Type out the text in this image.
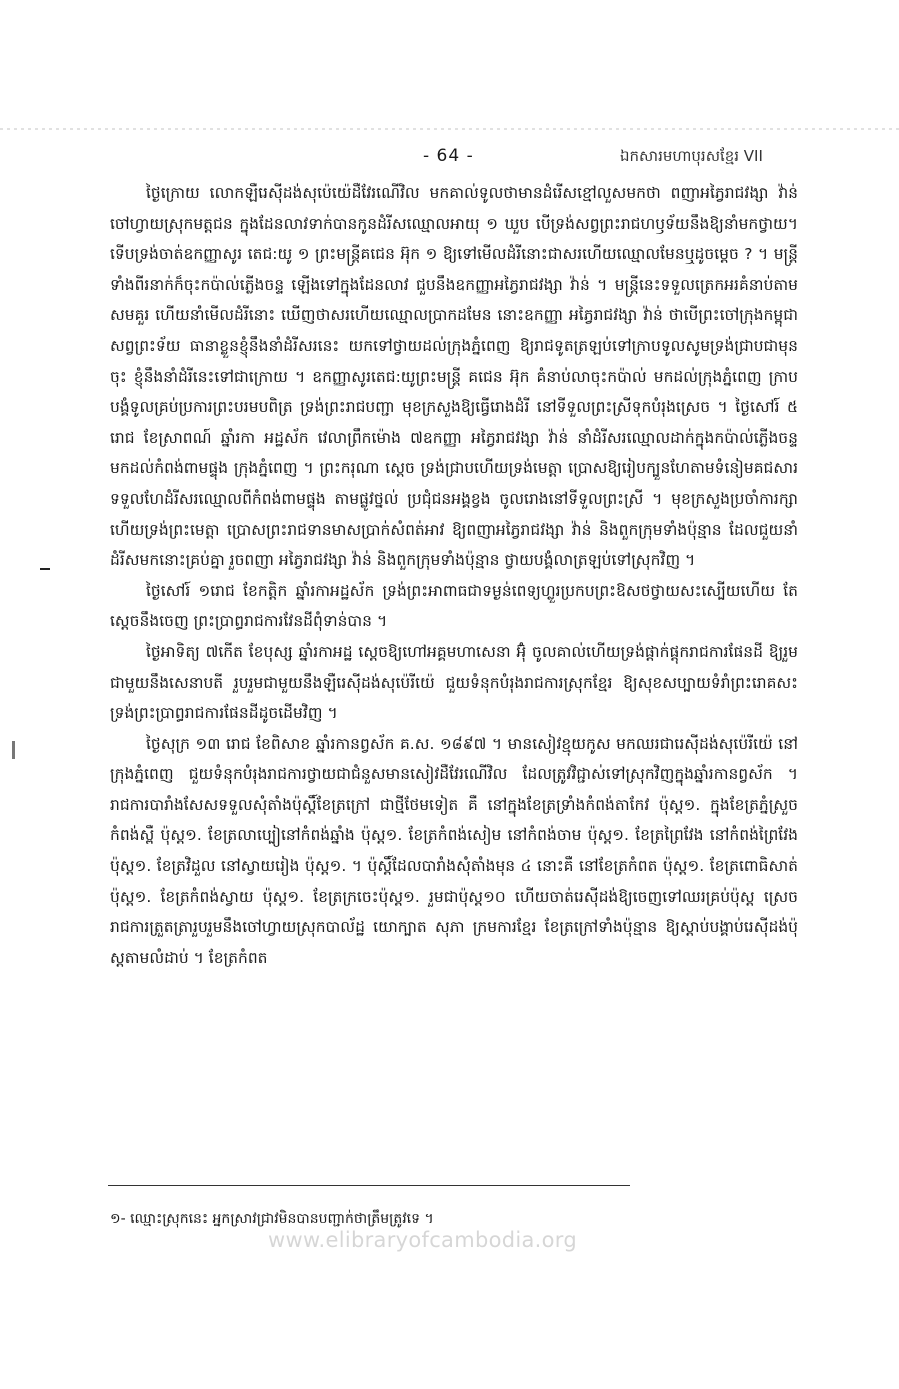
- 64 -	ឯកសារមហាបុរសខ្មែរ VII

ថ្ងៃក្រោយ លោកឡឺរេស៊ីដង់សុប៉េយ៉េដឺវែរណើវិល មកគាល់ទូលថាមានដំរើសខ្មៅលួសមកថា ពញាអភ្វៃរាជវង្សា វ៉ាន់ ចៅហ្វាយស្រុកមត្តជន ក្នុងដែនលាវទាក់បានកូនដំរីសឈ្មោលអាយុ ១ ឃួប បើទ្រង់សព្វព្រះរាជហឫទ័យនឹងឱ្យនាំមកថ្វាយ។ ទើបទ្រង់ចាត់ឧកញ្ញាសូរ តេជ:យូ ១ ព្រះមន្ត្រីគជេន អ៊ុក ១ ឱ្យទៅមើលដំរីនោះជាសរហើយឈ្មោលមែនឬដូចម្តេច ? ។ មន្ត្រីទាំងពីរនាក់ក៏ចុះកប៉ាល់ភ្លើងចន្ទ ឡើងទៅក្នុងដែនលាវ ជួបនឹងឧកញ្ញាអភ្វៃរាជវង្សា វ៉ាន់ ។ មន្ត្រីនេះទទួលត្រេកអរគំនាប់តាមសមគួរ ហើយនាំមើលដំរីនោះ ឃើញថាសរហើយឈ្មោលប្រាកដមែន នោះឧកញ្ញា អភ្វៃរាជវង្សា វ៉ាន់ ថាបើព្រះចៅក្រុងកម្ពុជាសព្វព្រះទ័យ ធានាខ្លួនខ្ញុំនឹងនាំដំរីសរនេះ យកទៅថ្វាយដល់ក្រុងភ្នំពេញ ឱ្យរាជទូតត្រឡប់ទៅក្រាបទូលសូមទ្រង់ជ្រាបជាមុនចុះ ខ្ញុំនឹងនាំដំរីនេះទៅជាក្រោយ ។ ឧកញ្ញាសូរតេជ:យូព្រះមន្ត្រី គជេន អ៊ុក គំនាប់លាចុះកប៉ាល់ មកដល់ក្រុងភ្នំពេញ ក្រាបបង្គំទូលគ្រប់ប្រការព្រះបរមបពិត្រ ទ្រង់ព្រះរាជបញ្ជា មុខក្រសួងឱ្យធ្វើរោងដំរី នៅទីទួលព្រះស្រីទុកបំរុងស្រេច ។ ថ្ងៃសៅរ៍ ៥ រោជ ខែស្រាពណ៍ ឆ្នាំរកា អដ្ឋស័ក វេលាព្រឹកម៉ោង ៧ឧកញ្ញា អភ្វៃរាជវង្សា វ៉ាន់ នាំដំរីសរឈ្មោលដាក់ក្នុងកប៉ាល់ភ្លើងចន្ទ មកដល់កំពង់ពាមផ្ទុង ក្រុងភ្នំពេញ ។ ព្រះករុណា ស្តេច ទ្រង់ជ្រាបហើយទ្រង់មេត្តា ប្រោសឱ្យរៀបក្បួនហែតាមទំនៀមគជសារ ទទួលហែដំរីសរឈ្មោលពីកំពង់ពាមផ្ទុង តាមផ្លូវថ្នល់ ប្រជុំជនអង្គខ្វង ចូលរោងនៅទីទួលព្រះស្រី ។ មុខក្រសួងប្រចាំការក្សា ហើយទ្រង់ព្រះមេត្តា ប្រោសព្រះរាជទានមាសប្រាក់សំពត់អាវ ឱ្យពញាអភ្វៃរាជវង្សា វ៉ាន់ និងពួកក្រុមទាំងប៉ុន្មាន ដែលជួយនាំដំរីសមកនោះគ្រប់គ្នា រួចពញា អភ្វៃរាជវង្សា វ៉ាន់ និងពួកក្រុមទាំងប៉ុន្មាន ថ្វាយបង្គំលាត្រឡប់ទៅស្រុកវិញ ។

ថ្ងៃសៅរ៍ ១រោជ ខែកត្តិក ឆ្នាំរកាអដ្ឋស័ក ទ្រង់ព្រះអាពាធជាទម្ងន់ពេទ្យហ្លួរប្រកបព្រះឱសថថ្វាយសះស្បើយហើយ តែស្តេចនឹងចេញ ព្រះប្រាព្ធរាជការវែនដីពុំទាន់បាន ។

ថ្ងៃអាទិត្យ ៧កើត ខែបុស្ស ឆ្នាំរកាអដ្ឋ ស្តេចឱ្យហៅអគ្គមហាសេនា អ៊ុំ ចូលគាល់ហើយទ្រង់ផ្តាក់ផ្តុករាជការផែនដី ឱ្យរួមជាមួយនឹងសេនាបតី រួបរួមជាមួយនឹងឡឺរេស៊ីដង់សុប៉េរីយ៉េ ជួយទំនុកបំរុងរាជការស្រុកខ្មែរ ឱ្យសុខសប្បាយទំរាំព្រះរោគសះ ទ្រង់ព្រះប្រាព្ធរាជការផែនដីដូចដើមវិញ ។

ថ្ងៃសុក្រ ១៣ រោជ ខែពិសាខ ឆ្នាំរកានព្វស័ក គ.ស. ១៨៩៧ ។ មានសៀវខ្មុយកូស មកឈរជារេស៊ីដង់សុប៉េរីយ៉េ នៅក្រុងភ្នំពេញ ជួយទំនុកបំរុងរាជការថ្វាយជាជំនួសមានសៀវដឺវែរណើវិល ដែលត្រូវវិជ្ជាស់ទៅស្រុកវិញក្នុងឆ្នាំរកានព្វស័ក ។ រាជការបារាំងសែសទទួលសុំតាំងប៉ុស្តិ៍ខែត្រក្រៅ ជាថ្មីថែមទៀត គឺ នៅក្នុងខែត្រទ្រាំងកំពង់តាកែវ ប៉ុស្ត១. ក្នុងខែត្រភ្នំស្រួច កំពង់ស្ពឺ ប៉ុស្ត១. ខែត្រលាប្បៀនៅកំពង់ឆ្នាំង ប៉ុស្ត១. ខែត្រកំពង់សៀម នៅកំពង់ចាម ប៉ុស្ត១. ខែត្រព្រៃវែង នៅកំពង់ព្រៃវែង ប៉ុស្ត១. ខែត្រវិដួល នៅស្វាយរៀង ប៉ុស្ត១. ។ ប៉ុស្តិ៍ដែលបារាំងសុំតាំងមុន ៤ នោះគឺ នៅខែត្រកំពត ប៉ុស្ត១. ខែត្រពោធិសាត់ ប៉ុស្ត១. ខែត្រកំពង់ស្វាយ ប៉ុស្ត១. ខែត្រក្រចេះប៉ុស្ត១. រួមជាប៉ុស្ត១០ ហើយចាត់រេស៊ីដង់ឱ្យចេញទៅឈរគ្រប់ប៉ុស្ត ស្រេចរាជការត្រួតត្រារួបរួមនឹងចៅហ្វាយស្រុកបាល័ដ្ឋ យោក្បាត សុភា ក្រមការខ្មែរ ខែត្រក្រៅទាំងប៉ុន្មាន ឱ្យស្តាប់បង្គាប់រេស៊ីដង់ប៉ុស្តតាមលំដាប់ ។ ខែត្រកំពត

១- ឈ្មោះស្រុកនេះ អ្នកស្រាវជ្រាវមិនបានបញ្ជាក់ថាត្រឹមត្រូវទេ ។
www.elibraryofcambodia.org
